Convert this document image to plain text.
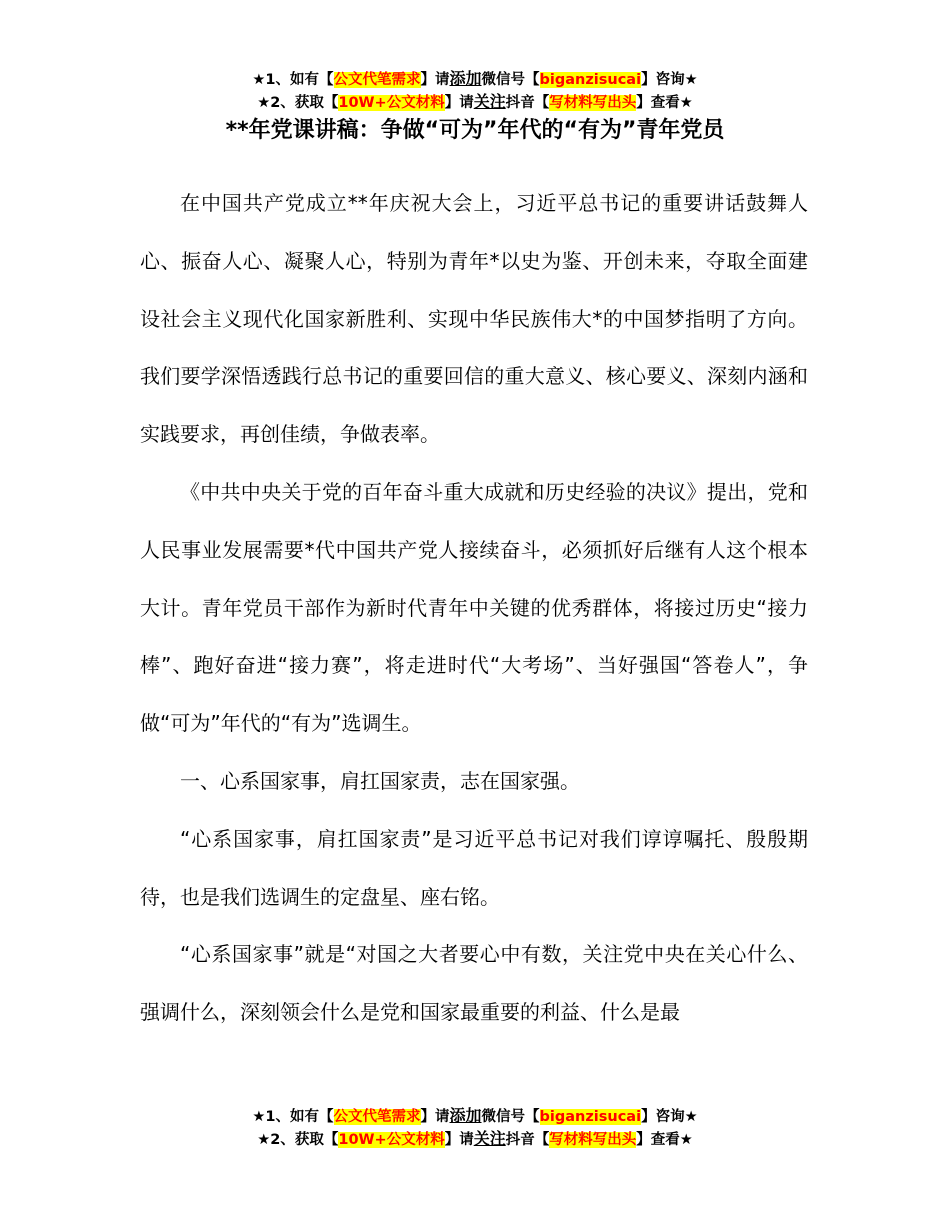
★1、如有【公文代笔需求】请添加微信号【biganzisucai】咨询★
★2、获取【10W+公文材料】请关注抖音【写材料写出头】查看★
**年党课讲稿：争做“可为”年代的“有为”青年党员

在中国共产党成立**年庆祝大会上，习近平总书记的重要讲话鼓舞人心、振奋人心、凝聚人心，特别为青年*以史为鉴、开创未来，夺取全面建设社会主义现代化国家新胜利、实现中华民族伟大*的中国梦指明了方向。我们要学深悟透践行总书记的重要回信的重大意义、核心要义、深刻内涵和实践要求，再创佳绩，争做表率。

《中共中央关于党的百年奋斗重大成就和历史经验的决议》提出，党和人民事业发展需要*代中国共产党人接续奋斗，必须抓好后继有人这个根本大计。青年党员干部作为新时代青年中关键的优秀群体，将接过历史“接力棒”、跑好奋进“接力赛”，将走进时代“大考场”、当好强国“答卷人”，争做“可为”年代的“有为”选调生。

一、心系国家事，肩扛国家责，志在国家强。

“心系国家事，肩扛国家责”是习近平总书记对我们谆谆嘱托、殷殷期待，也是我们选调生的定盘星、座右铭。

“心系国家事”就是“对国之大者要心中有数，关注党中央在关心什么、强调什么，深刻领会什么是党和国家最重要的利益、什么是最

★1、如有【公文代笔需求】请添加微信号【biganzisucai】咨询★
★2、获取【10W+公文材料】请关注抖音【写材料写出头】查看★
